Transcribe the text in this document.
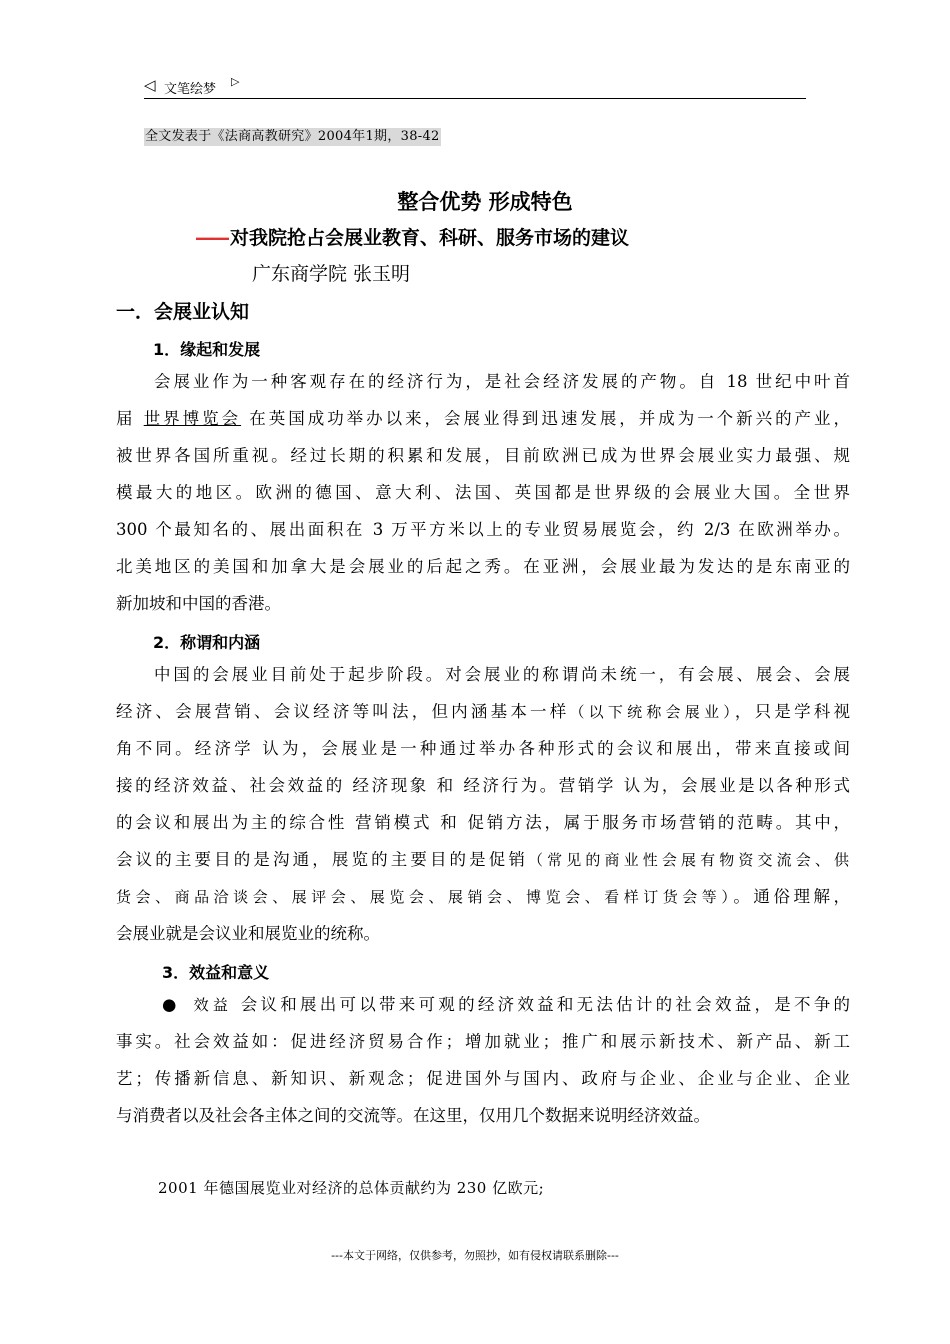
◁ 文笔绘梦
▷
全文发表于《法商高教研究》2004年1期，38-42
整合优势 形成特色
—— 对我院抢占会展业教育、科研、服务市场的建议
广东商学院 张玉明
一．会展业认知
1．缘起和发展
会展业作为一种客观存在的经济行为，是社会经济发展的产物。自 18 世纪中叶首
届 世界博览会 在英国成功举办以来，会展业得到迅速发展，并成为一个新兴的产业，
被世界各国所重视。经过长期的积累和发展，目前欧洲已成为世界会展业实力最强、规
模最大的地区。欧洲的德国、意大利、法国、英国都是世界级的会展业大国。全世界
300 个最知名的、展出面积在 3 万平方米以上的专业贸易展览会，约 2/3 在欧洲举办。
北美地区的美国和加拿大是会展业的后起之秀。在亚洲，会展业最为发达的是东南亚的
新加坡和中国的香港。
2．称谓和内涵
中国的会展业目前处于起步阶段。对会展业的称谓尚未统一，有会展、展会、会展
经济、会展营销、会议经济等叫法，但内涵基本一样（以下统称会展业），只是学科视
角不同。经济学 认为，会展业是一种通过举办各种形式的会议和展出，带来直接或间
接的经济效益、社会效益的 经济现象 和 经济行为。营销学 认为，会展业是以各种形式
的会议和展出为主的综合性 营销模式 和 促销方法，属于服务市场营销的范畴。其中，
会议的主要目的是沟通，展览的主要目的是促销（常见的商业性会展有物资交流会、供
货会、商品洽谈会、展评会、展览会、展销会、博览会、看样订货会等）。通俗理解，
会展业就是会议业和展览业的统称。
3．效益和意义
● 效益 会议和展出可以带来可观的经济效益和无法估计的社会效益，是不争的
事实。社会效益如：促进经济贸易合作；增加就业；推广和展示新技术、新产品、新工
艺；传播新信息、新知识、新观念；促进国外与国内、政府与企业、企业与企业、企业
与消费者以及社会各主体之间的交流等。在这里，仅用几个数据来说明经济效益。
2001 年德国展览业对经济的总体贡献约为 230 亿欧元;
---本文于网络，仅供参考，勿照抄，如有侵权请联系删除---
